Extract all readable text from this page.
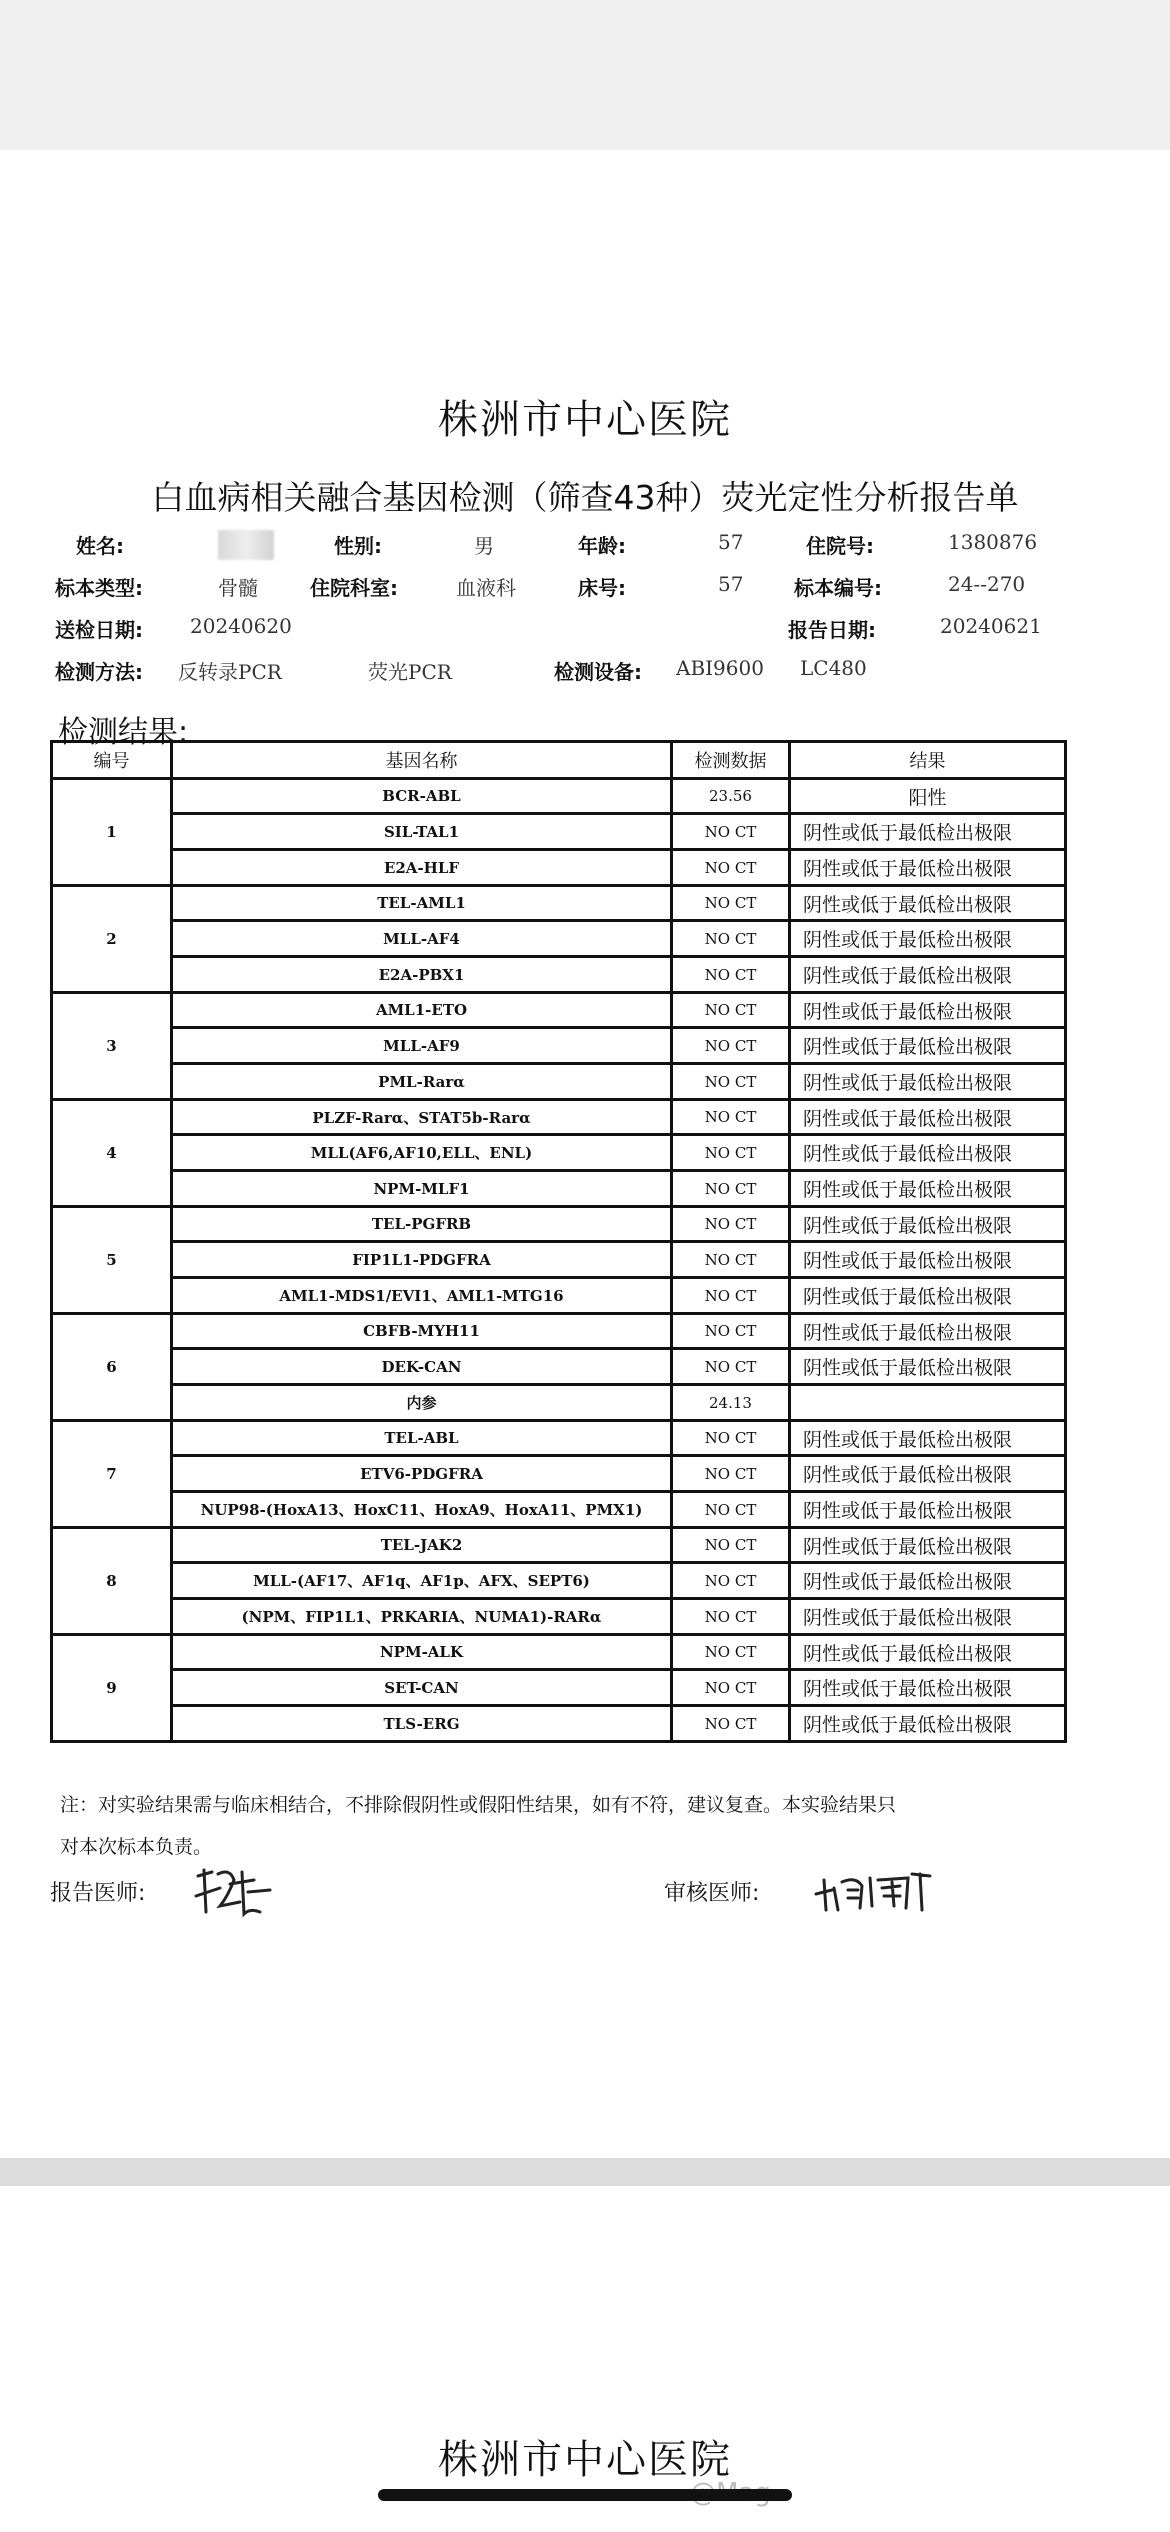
株洲市中心医院
白血病相关融合基因检测（筛查43种）荧光定性分析报告单
姓名:	性别:	男	年龄:	57	住院号:	1380876
标本类型:	骨髓	住院科室:	血液科	床号:	57	标本编号:	24--270
送检日期: 20240620	报告日期:	20240621
检测方法: 反转录PCR	荧光PCR	检测设备: ABI9600 LC480
检测结果:
编号	基因名称	检测数据	结果
1	BCR-ABL	23.56	阳性
	SIL-TAL1	NO CT	阴性或低于最低检出极限
	E2A-HLF	NO CT	阴性或低于最低检出极限
2	TEL-AML1	NO CT	阴性或低于最低检出极限
	MLL-AF4	NO CT	阴性或低于最低检出极限
	E2A-PBX1	NO CT	阴性或低于最低检出极限
3	AML1-ETO	NO CT	阴性或低于最低检出极限
	MLL-AF9	NO CT	阴性或低于最低检出极限
	PML-Rarα	NO CT	阴性或低于最低检出极限
4	PLZF-Rarα、STAT5b-Rarα	NO CT	阴性或低于最低检出极限
	MLL(AF6,AF10,ELL、ENL)	NO CT	阴性或低于最低检出极限
	NPM-MLF1	NO CT	阴性或低于最低检出极限
5	TEL-PGFRB	NO CT	阴性或低于最低检出极限
	FIP1L1-PDGFRA	NO CT	阴性或低于最低检出极限
	AML1-MDS1/EVI1、AML1-MTG16	NO CT	阴性或低于最低检出极限
6	CBFB-MYH11	NO CT	阴性或低于最低检出极限
	DEK-CAN	NO CT	阴性或低于最低检出极限
	内参	24.13	
7	TEL-ABL	NO CT	阴性或低于最低检出极限
	ETV6-PDGFRA	NO CT	阴性或低于最低检出极限
	NUP98-(HoxA13、HoxC11、HoxA9、HoxA11、PMX1)	NO CT	阴性或低于最低检出极限
8	TEL-JAK2	NO CT	阴性或低于最低检出极限
	MLL-(AF17、AF1q、AF1p、AFX、SEPT6)	NO CT	阴性或低于最低检出极限
	(NPM、FIP1L1、PRKARIA、NUMA1)-RARα	NO CT	阴性或低于最低检出极限
9	NPM-ALK	NO CT	阴性或低于最低检出极限
	SET-CAN	NO CT	阴性或低于最低检出极限
	TLS-ERG	NO CT	阴性或低于最低检出极限
注：对实验结果需与临床相结合，不排除假阴性或假阳性结果，如有不符，建议复查。本实验结果只
对本次标本负责。
报告医师:	审核医师:
株洲市中心医院
